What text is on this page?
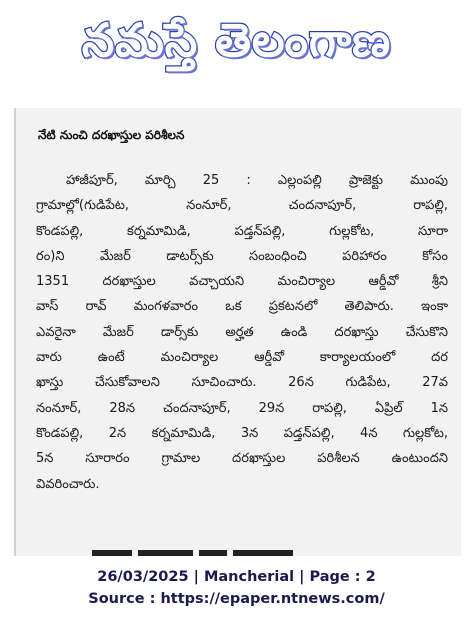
నమస్తే తెలంగాణ
నేటి నుంచి దరఖాస్తుల పరిశీలన
హాజీపూర్, మార్చి 25 : ఎల్లంపల్లి ప్రాజెక్టు ముంపు
గ్రామాల్లో(గుడిపేట, నంనూర్, చందనాపూర్, రాపల్లి,
కొండపల్లి, కర్నమామిడి, పడ్తన్‌పల్లి, గుల్లకోట, సూరా
రం)ని మేజర్ డాటర్స్‌కు సంబంధించి పరిహారం కోసం
1351 దరఖాస్తుల వచ్చాయని మంచిర్యాల ఆర్డీవో శ్రీని
వాస్ రావ్ మంగళవారం ఒక ప్రకటనలో తెలిపారు. ఇంకా
ఎవరైనా మేజర్ డార్స్‌కు అర్హత ఉండి దరఖాస్తు చేసుకొని
వారు ఉంటే మంచిర్యాల ఆర్డీవో కార్యాలయంలో దర
ఖాస్తు చేసుకోవాలని సూచించారు. 26న గుడిపేట, 27వ
నంనూర్, 28న చందనాపూర్, 29న రాపల్లి, ఏప్రిల్ 1న
కొండపల్లి, 2న కర్నమామిడి, 3న పడ్తన్‌పల్లి, 4న గుల్లకోట,
5న సూరారం గ్రామాల దరఖాస్తుల పరిశీలన ఉంటుందని
వివరించారు.
26/03/2025 | Mancherial | Page : 2
Source : https://epaper.ntnews.com/
